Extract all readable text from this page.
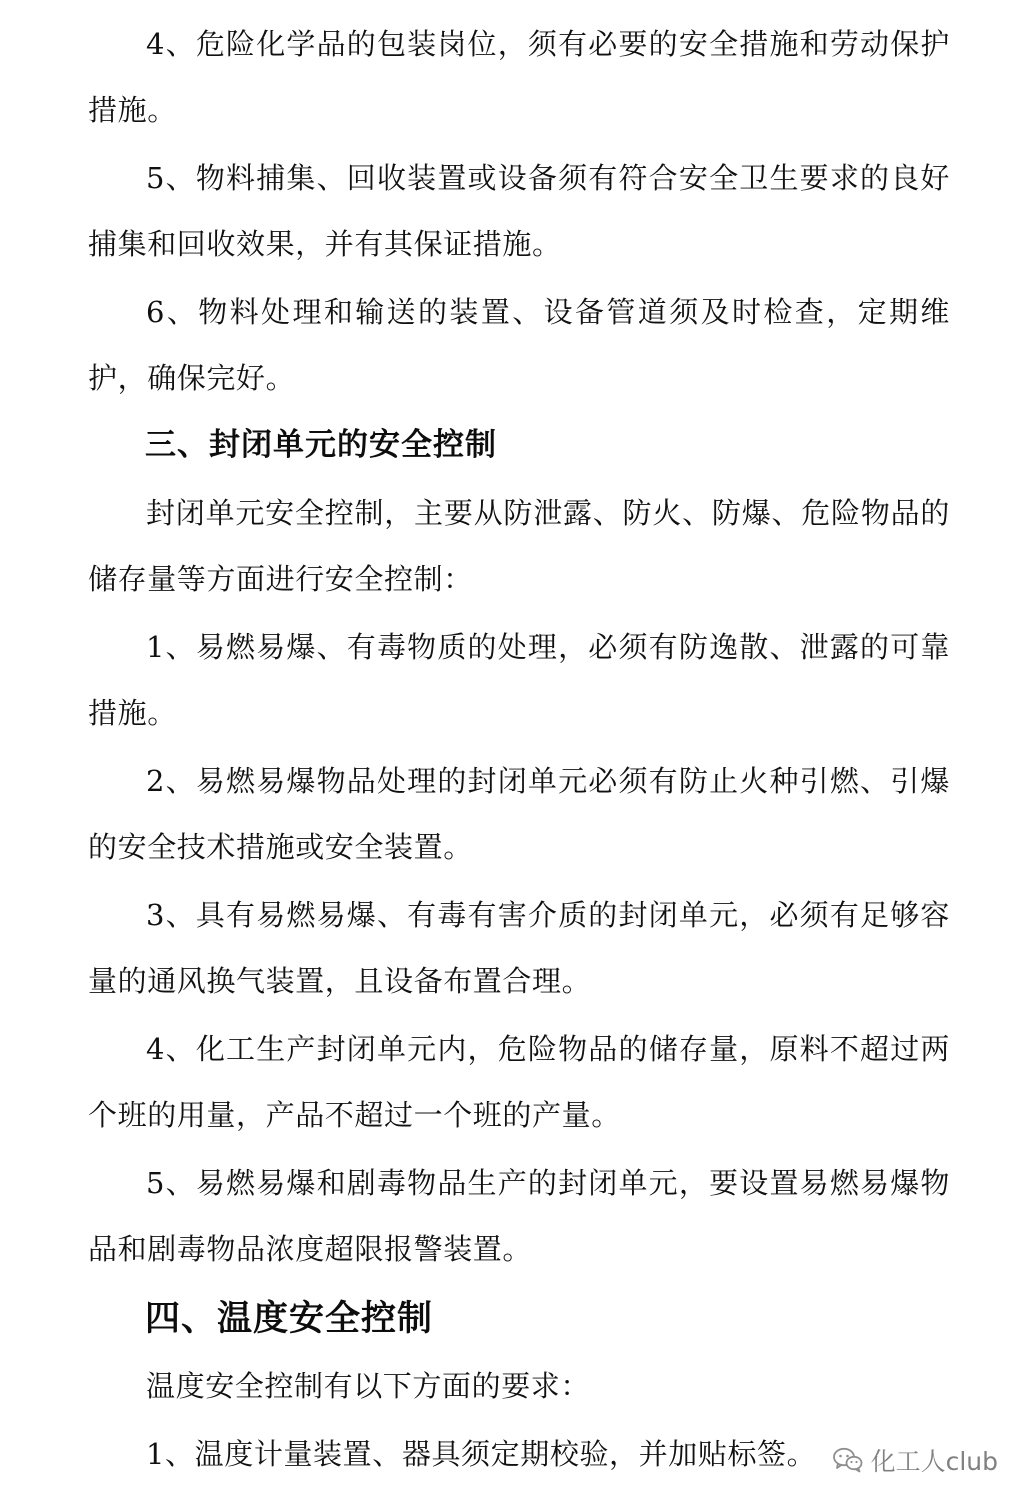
4、危险化学品的包装岗位，须有必要的安全措施和劳动保护措施。

5、物料捕集、回收装置或设备须有符合安全卫生要求的良好捕集和回收效果，并有其保证措施。

6、物料处理和输送的装置、设备管道须及时检查，定期维护，确保完好。

三、封闭单元的安全控制

封闭单元安全控制，主要从防泄露、防火、防爆、危险物品的储存量等方面进行安全控制：

1、易燃易爆、有毒物质的处理，必须有防逸散、泄露的可靠措施。

2、易燃易爆物品处理的封闭单元必须有防止火种引燃、引爆的安全技术措施或安全装置。

3、具有易燃易爆、有毒有害介质的封闭单元，必须有足够容量的通风换气装置，且设备布置合理。

4、化工生产封闭单元内，危险物品的储存量，原料不超过两个班的用量，产品不超过一个班的产量。

5、易燃易爆和剧毒物品生产的封闭单元，要设置易燃易爆物品和剧毒物品浓度超限报警装置。

四、温度安全控制

温度安全控制有以下方面的要求：

1、温度计量装置、器具须定期校验，并加贴标签。	化工人club
